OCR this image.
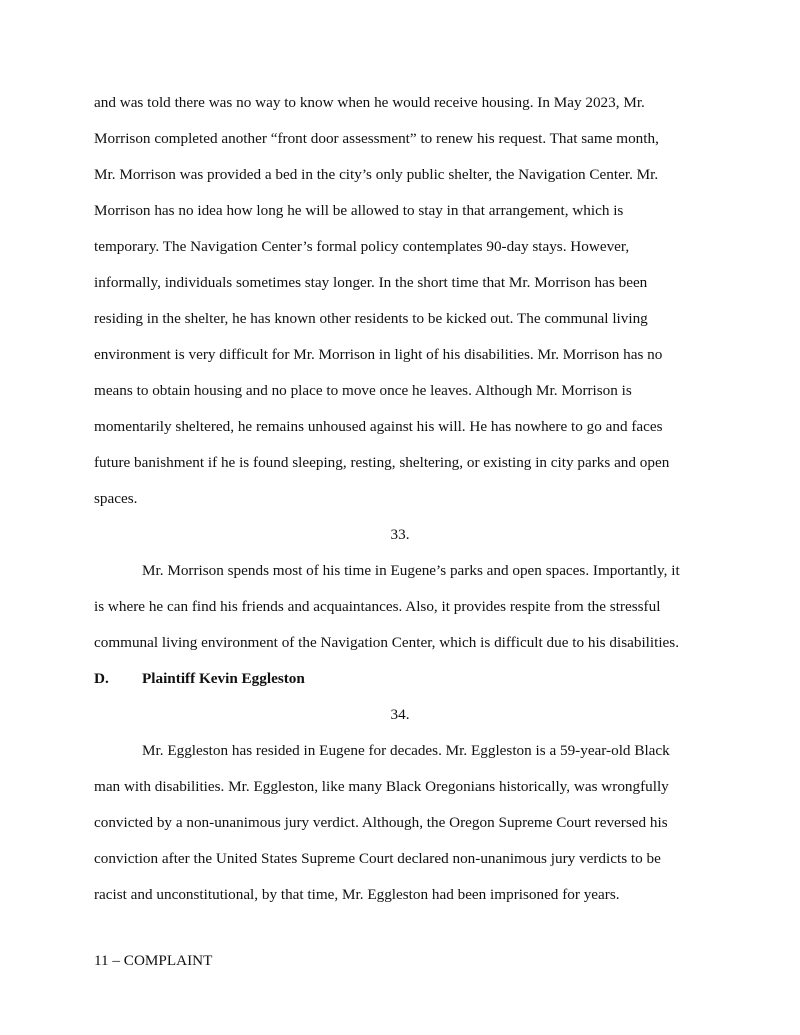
and was told there was no way to know when he would receive housing. In May 2023, Mr.
Morrison completed another “front door assessment” to renew his request. That same month,
Mr. Morrison was provided a bed in the city’s only public shelter, the Navigation Center. Mr.
Morrison has no idea how long he will be allowed to stay in that arrangement, which is
temporary. The Navigation Center’s formal policy contemplates 90-day stays. However,
informally, individuals sometimes stay longer. In the short time that Mr. Morrison has been
residing in the shelter, he has known other residents to be kicked out. The communal living
environment is very difficult for Mr. Morrison in light of his disabilities. Mr. Morrison has no
means to obtain housing and no place to move once he leaves. Although Mr. Morrison is
momentarily sheltered, he remains unhoused against his will. He has nowhere to go and faces
future banishment if he is found sleeping, resting, sheltering, or existing in city parks and open
spaces.
33.
Mr. Morrison spends most of his time in Eugene’s parks and open spaces. Importantly, it
is where he can find his friends and acquaintances. Also, it provides respite from the stressful
communal living environment of the Navigation Center, which is difficult due to his disabilities.
D. Plaintiff Kevin Eggleston
34.
Mr. Eggleston has resided in Eugene for decades. Mr. Eggleston is a 59-year-old Black
man with disabilities. Mr. Eggleston, like many Black Oregonians historically, was wrongfully
convicted by a non-unanimous jury verdict. Although, the Oregon Supreme Court reversed his
conviction after the United States Supreme Court declared non-unanimous jury verdicts to be
racist and unconstitutional, by that time, Mr. Eggleston had been imprisoned for years.
11 – COMPLAINT
